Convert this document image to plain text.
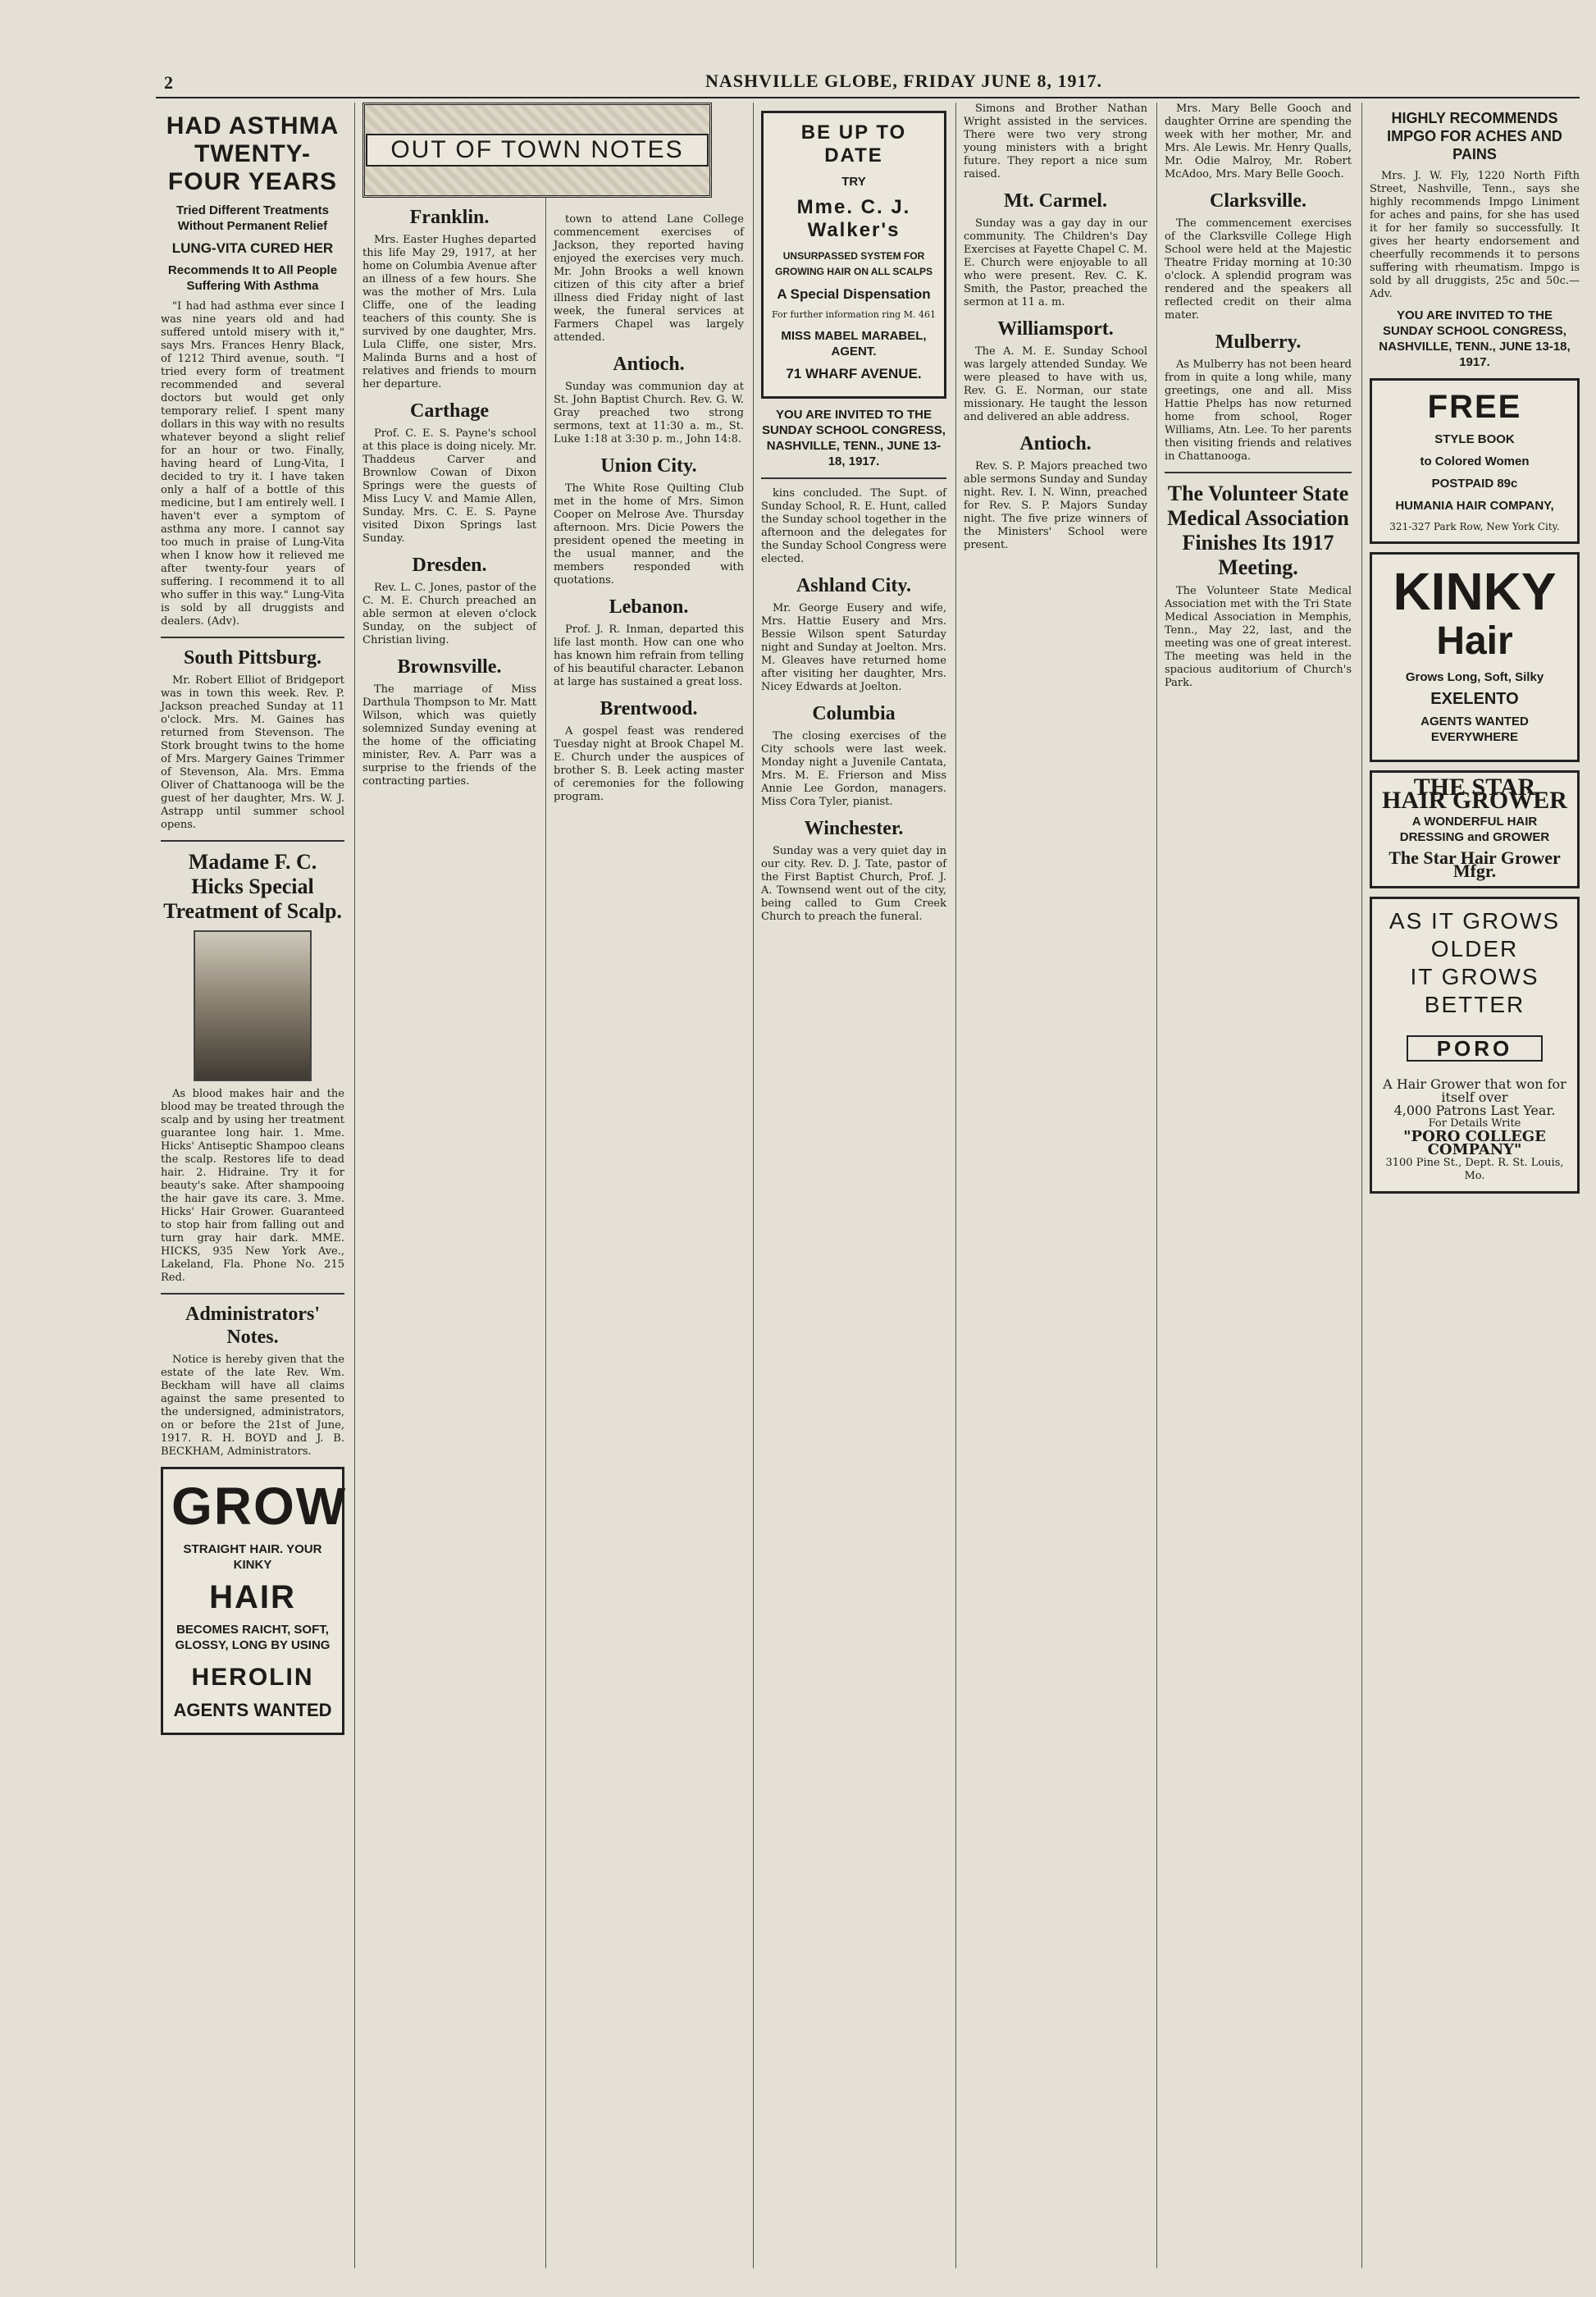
2	NASHVILLE GLOBE, FRIDAY JUNE 8, 1917.
HAD ASTHMA TWENTY-FOUR YEARS
Tried Different Treatments Without Permanent Relief
LUNG-VITA CURED HER
Recommends It to All People Suffering With Asthma

"I had had asthma ever since I was nine years old and had suffered untold misery with it," says Mrs. Frances Henry Black, of 1212 Third avenue, south. "I tried every form of treatment recommended and several doctors but would get only temporary relief. I spent many dollars in this way with no results whatever beyond a slight relief for an hour or two. Finally, having heard of Lung-Vita, I decided to try it. I have taken only a half of a bottle of this medicine, but I am entirely well. I haven't ever a symptom of asthma any more. I cannot say too much in praise of Lung-Vita when I know how it relieved me after twenty-four years of suffering. I recommend it to all who suffer in this way." Lung-Vita is sold by all druggists and dealers. (Adv).

South Pittsburg.

Mr. Robert Elliot of Bridgeport was in town this week. Rev. P. Jackson preached Sunday at 11 o'clock. Mrs. M. Gaines has returned from Stevenson. The Stork brought twins to the home of Mrs. Margery Gaines Trimmer of Stevenson, Ala. Mrs. Emma Oliver of Chattanooga will be the guest of her daughter, Mrs. W. J. Astrapp until summer school opens.

Madame F. C. Hicks Special Treatment of Scalp.

As blood makes hair and the blood may be treated through the scalp and by using her treatment guarantee long hair. 1. Mme. Hicks' Antiseptic Shampoo cleans the scalp. Restores life to dead hair. 2. Hidraine. Try it for beauty's sake. After shampooing the hair gave its care. 3. Mme. Hicks' Hair Grower. Guaranteed to stop hair from falling out and turn gray hair dark. MME. HICKS, 935 New York Ave., Lakeland, Fla. Phone No. 215 Red.

Administrators' Notes.

Notice is hereby given that the estate of the late Rev. Wm. Beckham will have all claims against the same presented to the undersigned, administrators, on or before the 21st of June, 1917. R. H. BOYD and J. B. BECKHAM, Administrators.

GROW
STRAIGHT HAIR. YOUR KINKY
HAIR
BECOMES RAICHT, SOFT, GLOSSY, LONG BY USING
HEROLIN
AGENTS WANTED
OUT OF TOWN NOTES
Franklin.

Mrs. Easter Hughes departed this life May 29, 1917, at her home on Columbia Avenue after an illness of a few hours. She was the mother of Mrs. Lula Cliffe, one of the leading teachers of this county. She is survived by one daughter, Mrs. Lula Cliffe, one sister, Mrs. Malinda Burns and a host of relatives and friends to mourn her departure.

Carthage

Prof. C. E. S. Payne's school at this place is doing nicely. Mr. Thaddeus Carver and Brownlow Cowan of Dixon Springs were the guests of Miss Lucy V. and Mamie Allen, Sunday. Mrs. C. E. S. Payne visited Dixon Springs last Sunday.

Dresden.

Rev. L. C. Jones, pastor of the C. M. E. Church preached an able sermon at eleven o'clock Sunday, on the subject of Christian living.

Brownsville.

The marriage of Miss Darthula Thompson to Mr. Matt Wilson, which was quietly solemnized Sunday evening at the home of the officiating minister, Rev. A. Parr was a surprise to the friends of the contracting parties.

town to attend Lane College commencement exercises of Jackson, they reported having enjoyed the exercises very much. Mr. John Brooks a well known citizen of this city after a brief illness died Friday night of last week, the funeral services at Farmers Chapel was largely attended.

Antioch.

Sunday was communion day at St. John Baptist Church. Rev. G. W. Gray preached two strong sermons, text at 11:30 a. m., St. Luke 1:18 at 3:30 p. m., John 14:8.

Union City.

The White Rose Quilting Club met in the home of Mrs. Simon Cooper on Melrose Ave. Thursday afternoon. Mrs. Dicie Powers the president opened the meeting in the usual manner, and the members responded with quotations.

Lebanon.

Prof. J. R. Inman, departed this life last month. How can one who has known him refrain from telling of his beautiful character. Lebanon at large has sustained a great loss.

Brentwood.

A gospel feast was rendered Tuesday night at Brook Chapel M. E. Church under the auspices of brother S. B. Leek acting master of ceremonies for the following program.

BE UP TO DATE
TRY
Mme. C. J. Walker's
UNSURPASSED SYSTEM FOR GROWING HAIR ON ALL SCALPS
A Special Dispensation
For further information ring M. 461
MISS MABEL MARABEL, AGENT.
71 WHARF AVENUE.
YOU ARE INVITED TO THE SUNDAY SCHOOL CONGRESS, NASHVILLE, TENN., JUNE 13-18, 1917.

kins concluded. The Supt. of Sunday School, R. E. Hunt, called the Sunday school together in the afternoon and the delegates for the Sunday School Congress were elected.

Ashland City.

Mr. George Eusery and wife, Mrs. Hattie Eusery and Mrs. Bessie Wilson spent Saturday night and Sunday at Joelton. Mrs. M. Gleaves have returned home after visiting her daughter, Mrs. Nicey Edwards at Joelton.

Columbia

The closing exercises of the City schools were last week. Monday night a Juvenile Cantata, Mrs. M. E. Frierson and Miss Annie Lee Gordon, managers. Miss Cora Tyler, pianist.

Winchester.

Sunday was a very quiet day in our city. Rev. D. J. Tate, pastor of the First Baptist Church, Prof. J. A. Townsend went out of the city, being called to Gum Creek Church to preach the funeral.

Simons and Brother Nathan Wright assisted in the services. There were two very strong young ministers with a bright future. They report a nice sum raised.

Mt. Carmel.

Sunday was a gay day in our community. The Children's Day Exercises at Fayette Chapel C. M. E. Church were enjoyable to all who were present. Rev. C. K. Smith, the Pastor, preached the sermon at 11 a. m.

Williamsport.

The A. M. E. Sunday School was largely attended Sunday. We were pleased to have with us, Rev. G. E. Norman, our state missionary. He taught the lesson and delivered an able address.

Antioch.

Rev. S. P. Majors preached two able sermons Sunday and Sunday night. Rev. I. N. Winn, preached for Rev. S. P. Majors Sunday night. The five prize winners of the Ministers' School were present.

Mrs. Mary Belle Gooch and daughter Orrine are spending the week with her mother, Mr. and Mrs. Ale Lewis. Mr. Henry Qualls, Mr. Odie Malroy, Mr. Robert McAdoo, Mrs. Mary Belle Gooch.

Clarksville.

The commencement exercises of the Clarksville College High School were held at the Majestic Theatre Friday morning at 10:30 o'clock. A splendid program was rendered and the speakers all reflected credit on their alma mater.

Mulberry.

As Mulberry has not been heard from in quite a long while, many greetings, one and all. Miss Hattie Phelps has now returned home from school, Roger Williams, Atn. Lee. To her parents then visiting friends and relatives in Chattanooga.

The Volunteer State Medical Association Finishes Its 1917 Meeting.

The Volunteer State Medical Association met with the Tri State Medical Association in Memphis, Tenn., May 22, last, and the meeting was one of great interest. The meeting was held in the spacious auditorium of Church's Park.

HIGHLY RECOMMENDS IMPGO FOR ACHES AND PAINS

Mrs. J. W. Fly, 1220 North Fifth Street, Nashville, Tenn., says she highly recommends Impgo Liniment for aches and pains, for she has used it for her family so successfully. It gives her hearty endorsement and cheerfully recommends it to persons suffering with rheumatism. Impgo is sold by all druggists, 25c and 50c.—Adv.

YOU ARE INVITED TO THE SUNDAY SCHOOL CONGRESS, NASHVILLE, TENN., JUNE 13-18, 1917.
FREE
STYLE BOOK
to Colored Women
POSTPAID 89c
HUMANIA HAIR COMPANY,
321-327 Park Row, New York City.
KINKY
Hair
Grows Long, Soft, Silky
EXELENTO
AGENTS WANTED EVERYWHERE
THE STAR HAIR GROWER
A WONDERFUL HAIR DRESSING and GROWER
The Star Hair Grower Mfgr.
AS IT GROWS OLDER
IT GROWS BETTER
PORO
A Hair Grower that won for itself over
4,000 Patrons Last Year.
For Details Write
"PORO COLLEGE COMPANY"
3100 Pine St., Dept. R. St. Louis, Mo.
